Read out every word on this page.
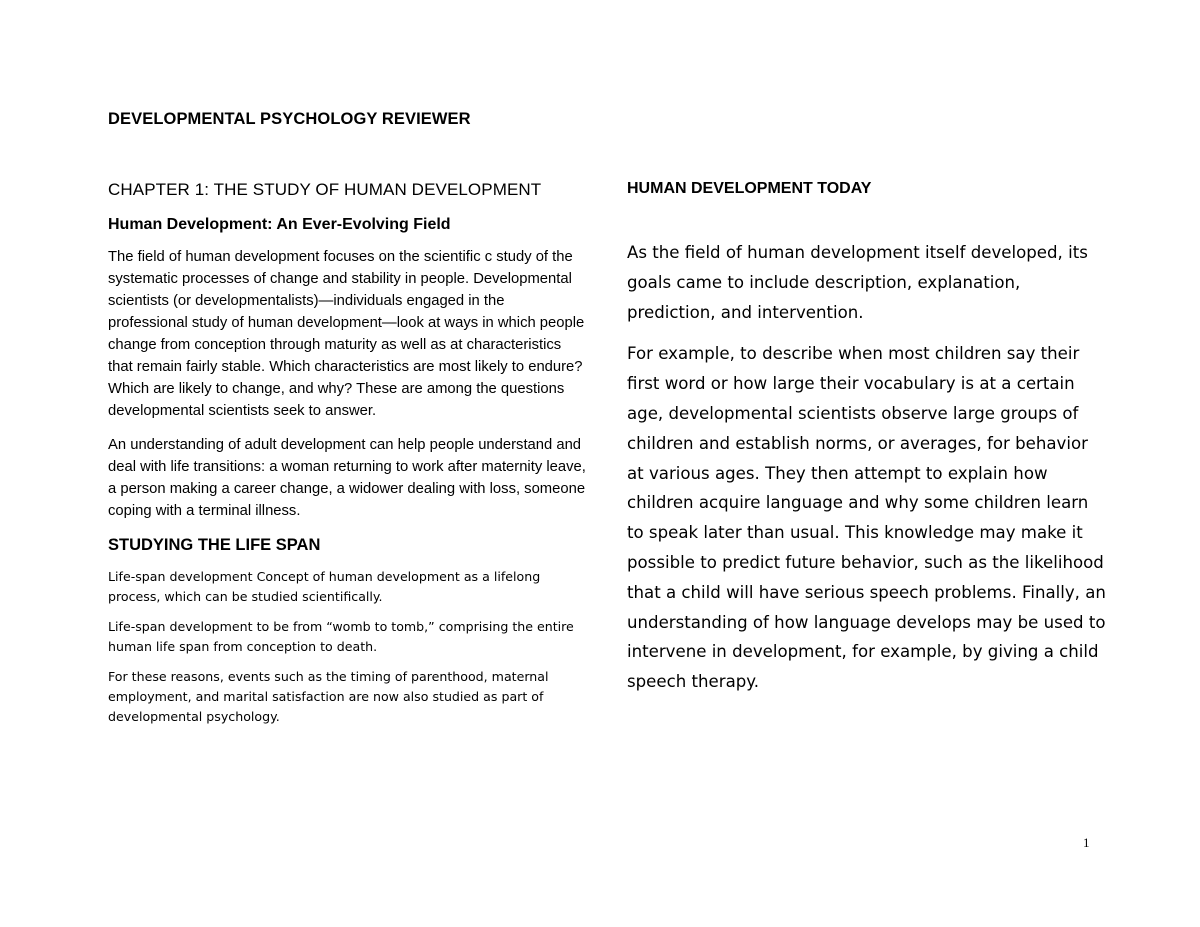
DEVELOPMENTAL PSYCHOLOGY REVIEWER
CHAPTER 1: THE STUDY OF HUMAN DEVELOPMENT
Human Development: An Ever-Evolving Field

The field of human development focuses on the scientific c study of the systematic processes of change and stability in people. Developmental scientists (or developmentalists)—individuals engaged in the professional study of human development—look at ways in which people change from conception through maturity as well as at characteristics that remain fairly stable. Which characteristics are most likely to endure? Which are likely to change, and why? These are among the questions developmental scientists seek to answer.

An understanding of adult development can help people understand and deal with life transitions: a woman returning to work after maternity leave, a person making a career change, a widower dealing with loss, someone coping with a terminal illness.

STUDYING THE LIFE SPAN

Life-span development Concept of human development as a lifelong process, which can be studied scientifically.

Life-span development to be from “womb to tomb,” comprising the entire human life span from conception to death.

For these reasons, events such as the timing of parenthood, maternal employment, and marital satisfaction are now also studied as part of developmental psychology.

HUMAN DEVELOPMENT TODAY

As the field of human development itself developed, its goals came to include description, explanation, prediction, and intervention.

For example, to describe when most children say their first word or how large their vocabulary is at a certain age, developmental scientists observe large groups of children and establish norms, or averages, for behavior at various ages. They then attempt to explain how children acquire language and why some children learn to speak later than usual. This knowledge may make it possible to predict future behavior, such as the likelihood that a child will have serious speech problems. Finally, an understanding of how language develops may be used to intervene in development, for example, by giving a child speech therapy.

1
